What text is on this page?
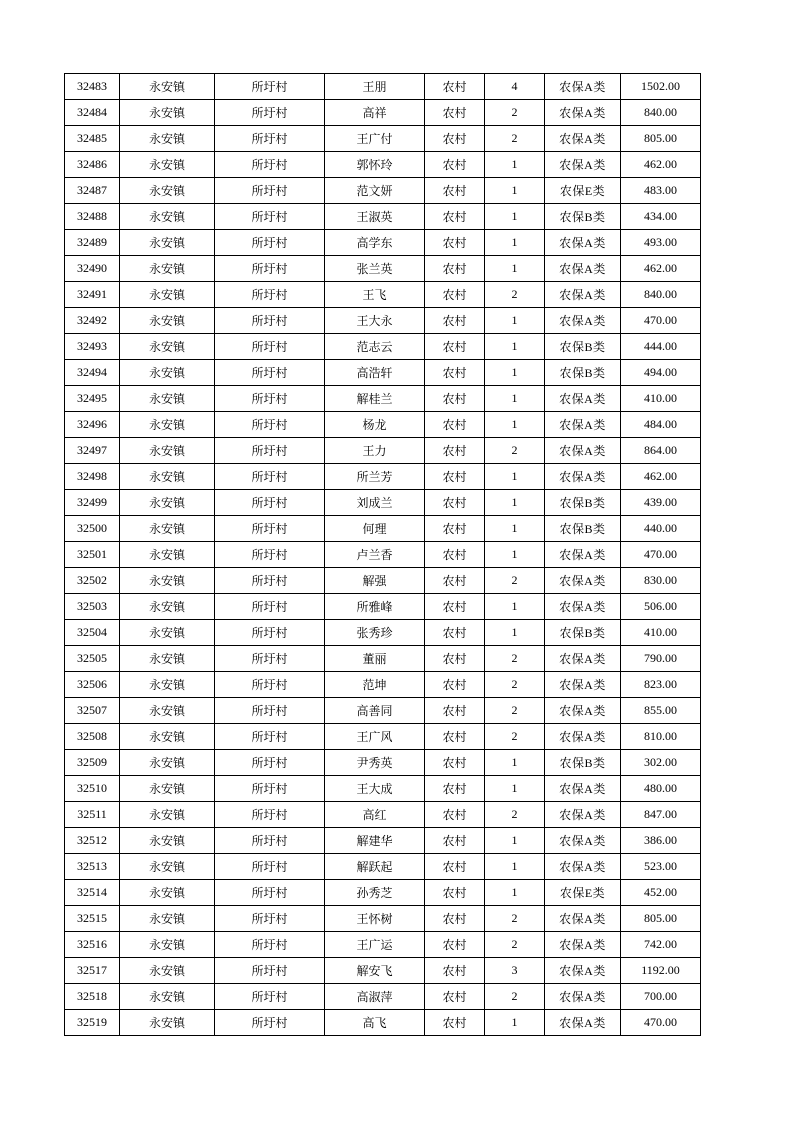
32483	永安镇	所圩村	王朋	农村	4	农保A类	1502.00
32484	永安镇	所圩村	高祥	农村	2	农保A类	840.00
32485	永安镇	所圩村	王广付	农村	2	农保A类	805.00
32486	永安镇	所圩村	郭怀玲	农村	1	农保A类	462.00
32487	永安镇	所圩村	范文妍	农村	1	农保E类	483.00
32488	永安镇	所圩村	王淑英	农村	1	农保B类	434.00
32489	永安镇	所圩村	高学东	农村	1	农保A类	493.00
32490	永安镇	所圩村	张兰英	农村	1	农保A类	462.00
32491	永安镇	所圩村	王飞	农村	2	农保A类	840.00
32492	永安镇	所圩村	王大永	农村	1	农保A类	470.00
32493	永安镇	所圩村	范志云	农村	1	农保B类	444.00
32494	永安镇	所圩村	高浩轩	农村	1	农保B类	494.00
32495	永安镇	所圩村	解桂兰	农村	1	农保A类	410.00
32496	永安镇	所圩村	杨龙	农村	1	农保A类	484.00
32497	永安镇	所圩村	王力	农村	2	农保A类	864.00
32498	永安镇	所圩村	所兰芳	农村	1	农保A类	462.00
32499	永安镇	所圩村	刘成兰	农村	1	农保B类	439.00
32500	永安镇	所圩村	何理	农村	1	农保B类	440.00
32501	永安镇	所圩村	卢兰香	农村	1	农保A类	470.00
32502	永安镇	所圩村	解强	农村	2	农保A类	830.00
32503	永安镇	所圩村	所雅峰	农村	1	农保A类	506.00
32504	永安镇	所圩村	张秀珍	农村	1	农保B类	410.00
32505	永安镇	所圩村	董丽	农村	2	农保A类	790.00
32506	永安镇	所圩村	范坤	农村	2	农保A类	823.00
32507	永安镇	所圩村	高善同	农村	2	农保A类	855.00
32508	永安镇	所圩村	王广风	农村	2	农保A类	810.00
32509	永安镇	所圩村	尹秀英	农村	1	农保B类	302.00
32510	永安镇	所圩村	王大成	农村	1	农保A类	480.00
32511	永安镇	所圩村	高红	农村	2	农保A类	847.00
32512	永安镇	所圩村	解建华	农村	1	农保A类	386.00
32513	永安镇	所圩村	解跃起	农村	1	农保A类	523.00
32514	永安镇	所圩村	孙秀芝	农村	1	农保E类	452.00
32515	永安镇	所圩村	王怀树	农村	2	农保A类	805.00
32516	永安镇	所圩村	王广运	农村	2	农保A类	742.00
32517	永安镇	所圩村	解安飞	农村	3	农保A类	1192.00
32518	永安镇	所圩村	高淑萍	农村	2	农保A类	700.00
32519	永安镇	所圩村	高飞	农村	1	农保A类	470.00
